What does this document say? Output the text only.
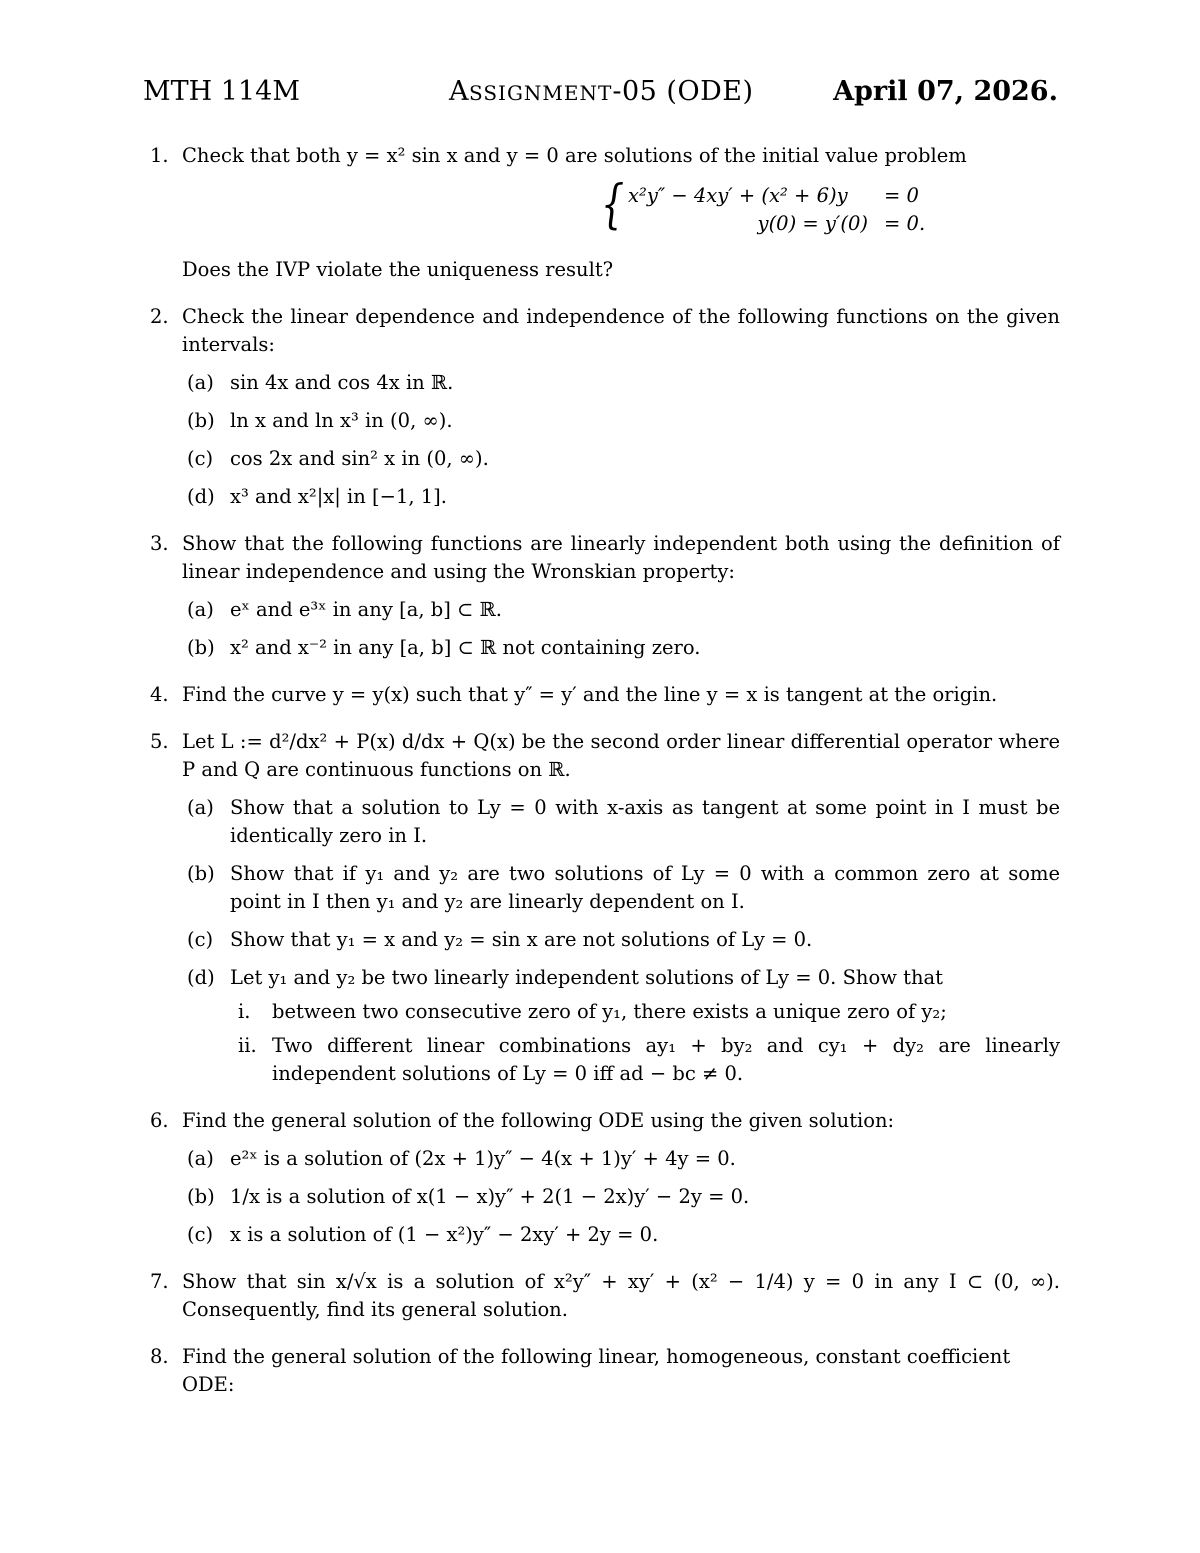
MTH 114M	ASSIGNMENT-05 (ODE)	April 07, 2026.
1. Check that both y = x² sin x and y = 0 are solutions of the initial value problem
{ x²y″ − 4xy′ + (x² + 6)y = 0
y(0) = y′(0) = 0.
Does the IVP violate the uniqueness result?
2. Check the linear dependence and independence of the following functions on the given intervals:
(a) sin 4x and cos 4x in ℝ.
(b) ln x and ln x³ in (0, ∞).
(c) cos 2x and sin² x in (0, ∞).
(d) x³ and x²|x| in [−1, 1].
3. Show that the following functions are linearly independent both using the definition of linear independence and using the Wronskian property:
(a) eˣ and e³ˣ in any [a, b] ⊂ ℝ.
(b) x² and x⁻² in any [a, b] ⊂ ℝ not containing zero.
4. Find the curve y = y(x) such that y″ = y′ and the line y = x is tangent at the origin.
5. Let L := d²/dx² + P(x) d/dx + Q(x) be the second order linear differential operator where P and Q are continuous functions on ℝ.
(a) Show that a solution to Ly = 0 with x-axis as tangent at some point in I must be identically zero in I.
(b) Show that if y₁ and y₂ are two solutions of Ly = 0 with a common zero at some point in I then y₁ and y₂ are linearly dependent on I.
(c) Show that y₁ = x and y₂ = sin x are not solutions of Ly = 0.
(d) Let y₁ and y₂ be two linearly independent solutions of Ly = 0. Show that
i. between two consecutive zero of y₁, there exists a unique zero of y₂;
ii. Two different linear combinations ay₁ + by₂ and cy₁ + dy₂ are linearly independent solutions of Ly = 0 iff ad − bc ≠ 0.
6. Find the general solution of the following ODE using the given solution:
(a) e²ˣ is a solution of (2x + 1)y″ − 4(x + 1)y′ + 4y = 0.
(b) 1/x is a solution of x(1 − x)y″ + 2(1 − 2x)y′ − 2y = 0.
(c) x is a solution of (1 − x²)y″ − 2xy′ + 2y = 0.
7. Show that sin x/√x is a solution of x²y″ + xy′ + (x² − 1/4) y = 0 in any I ⊂ (0, ∞). Consequently, find its general solution.
8. Find the general solution of the following linear, homogeneous, constant coefficient ODE:
